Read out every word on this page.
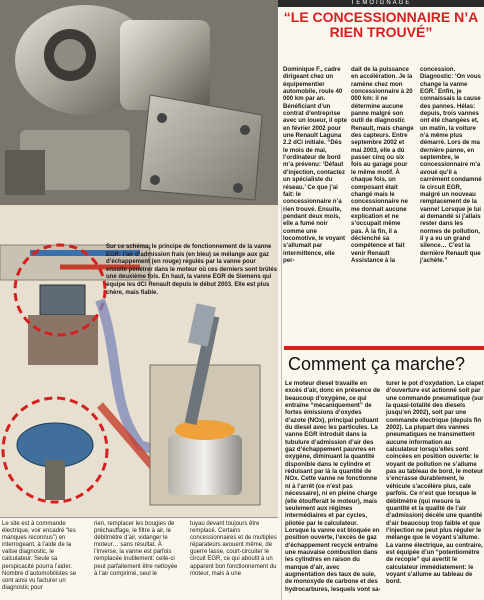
TÉMOIGNAGE
“LE CONCESSIONNAIRE N’A RIEN TROUVÉ”
Dominique F., cadre dirigeant chez un équipementier automobile, roule 40 000 km par an. Bénéficiant d’un contrat d’entreprise avec un loueur, il opte en février 2002 pour une Renault Laguna 2.2 dCi initiale. “Dès le mois de mai, l’ordinateur de bord m’a prévenu: ‘Défaut d’injection, contactez un spécialiste du réseau.’ Ce que j’ai fait: le concessionnaire n’a rien trouvé. Ensuite, pendant deux mois, elle a fumé noir comme une locomotive, le voyant s’allumait par intermittence, elle per-
dait de la puissance en accélération. Je la ramène chez mon concessionnaire à 20 000 km: il ne détermine aucune panne malgré son outil de diagnostic Renault, mais change des capteurs. Entre septembre 2002 et mai 2003, elle a dû passer cinq ou six fois au garage pour le même motif. À chaque fois, un composant était changé mais le concessionnaire ne me donnait aucune explication et ne s’occupait même pas. À la fin, il a déclenché sa compétence et fait venir Renault Assistance à la
concession. Diagnostic: ‘On vous change la vanne EGR.’ Enfin, je connaissais la cause des pannes. Hélas: depuis, trois vannes ont été changées et, un matin, la voiture n’a même plus démarré. Lors de ma dernière panne, en septembre, le concessionnaire m’a avoué qu’il a carrément condamné le circuit EGR, malgré un nouveau remplacement de la vanne! Lorsque je lui ai demandé si j’allais rester dans les normes de pollution, il y a eu un grand silence… C’est la dernière Renault que j’achète.”
Sur ce schéma, le principe de fonctionnement de la vanne EGR: l’air d’admission frais (en bleu) se mélange aux gaz d’échappement (en rouge) régulés par la vanne pour ensuite pénétrer dans le moteur où ces derniers sont brûlés une deuxième fois. En haut, la vanne EGR de Siemens qui équipe les dCi Renault depuis le début 2003. Elle est plus chère, mais fiable.
Comment ça marche?
Le moteur diesel travaille en excès d’air, donc en présence de beaucoup d’oxygène, ce qui entraîne “mécaniquement” de fortes émissions d’oxydes d’azote (NOx), principal polluant du diesel avec les particules. La vanne EGR introduit dans la tubulure d’admission d’air des gaz d’échappement pauvres en oxygène, diminuant la quantité disponible dans le cylindre et réduisant par là la quantité de NOx. Cette vanne ne fonctionne ni à l’arrêt (ce n’est pas nécessaire), ni en pleine charge (elle étoufferait le moteur), mais seulement aux régimes intermédiaires et par cycles, pilotée par le calculateur. Lorsque la vanne est bloquée en position ouverte, l’excès de gaz d’échappement recyclé entraîne une mauvaise combustion dans les cylindres en raison du manque d’air, avec augmentation des taux de suie, de monoxyde de carbone et des hydrocarbures, lesquels vont sa-
turer le pot d’oxydation. Le clapet d’ouverture est actionné soit par une commande pneumatique (sur la quasi-totalité des diesels jusqu’en 2002), soit par une commande électrique (depuis fin 2002). La plupart des vannes pneumatiques ne transmettent aucune information au calculateur lorsqu’elles sont coincées en position ouverte: le voyant de pollution ne s’allume pas au tableau de bord, le moteur s’encrasse durablement, le véhicule s’accélère plus, cale parfois. Ce n’est que lorsque le débitmètre (qui mesure la quantité et la qualité de l’air d’admission) décèle une quantité d’air beaucoup trop faible et que l’injection ne peut plus réguler le mélange que le voyant s’allume. La vanne électrique, au contraire, est équipée d’un “potentiomètre de recopie” qui avertit le calculateur immédiatement: le voyant s’allume au tableau de bord.
Le site est à commande électrique, voir encadré “les manques reconnus”) en interrogeant, à l’aide de la valise diagnostic, le calculateur. Seule sa perspicacité pourra l’aider. Nombre d’automobilistes se sont ainsi vu facturer un diagnostic pour
rien, remplacer les bougies de préchauffage, le filtre à air, le débitmètre d’air, vidanger le moteur… sans résultat. À l’inverse, la vanne est parfois remplacée inutilement: celle-ci peut parfaitement être nettoyée à l’air comprimé, seul le
tuyau devant toujours être remplacé. Certains concessionnaires et de multiples réparateurs avouent même, de guerre lasse, court-circuiter le circuit EGR, ce qui aboutit à un apparent bon fonctionnement du moteur, mais à une
